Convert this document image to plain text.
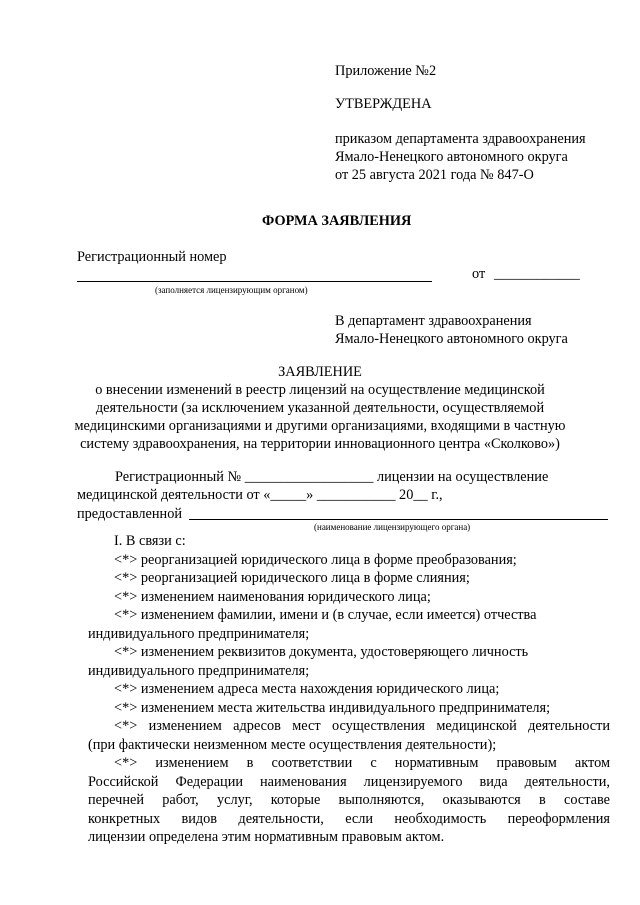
Приложение №2
УТВЕРЖДЕНА
приказом департамента здравоохранения
Ямало-Ненецкого автономного округа
от 25 августа 2021 года № 847-О
ФОРМА ЗАЯВЛЕНИЯ
Регистрационный номер
от ____________
(заполняется лицензирующим органом)
В департамент здравоохранения
Ямало-Ненецкого автономного округа
ЗАЯВЛЕНИЕ
о внесении изменений в реестр лицензий на осуществление медицинской
деятельности (за исключением указанной деятельности, осуществляемой
медицинскими организациями и другими организациями, входящими в частную
систему здравоохранения, на территории инновационного центра «Сколково»)
Регистрационный № __________________ лицензии на осуществление
медицинской деятельности от «_____» ___________ 20__ г.,
предоставленной
(наименование лицензирующего органа)
I. В связи с:
<*> реорганизацией юридического лица в форме преобразования;
<*> реорганизацией юридического лица в форме слияния;
<*> изменением наименования юридического лица;
<*> изменением фамилии, имени и (в случае, если имеется) отчества
индивидуального предпринимателя;
<*> изменением реквизитов документа, удостоверяющего личность
индивидуального предпринимателя;
<*> изменением адреса места нахождения юридического лица;
<*> изменением места жительства индивидуального предпринимателя;
<*> изменением адресов мест осуществления медицинской деятельности
(при фактически неизменном месте осуществления деятельности);
<*> изменением в соответствии с нормативным правовым актом
Российской Федерации наименования лицензируемого вида деятельности,
перечней работ, услуг, которые выполняются, оказываются в составе
конкретных видов деятельности, если необходимость переоформления
лицензии определена этим нормативным правовым актом.
